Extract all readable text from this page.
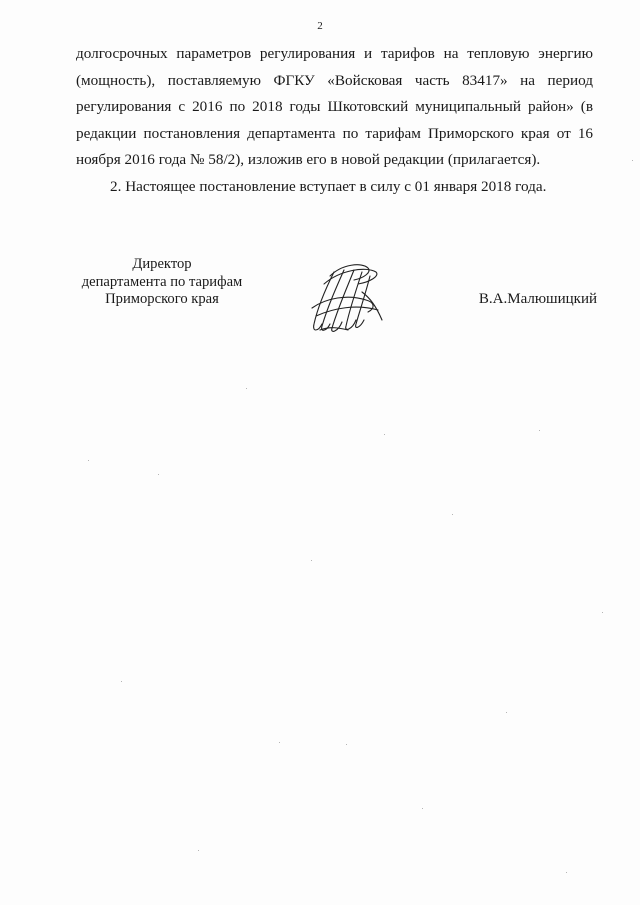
2

долгосрочных параметров регулирования и тарифов на тепловую энергию (мощность), поставляемую ФГКУ «Войсковая часть 83417» на период регулирования с 2016 по 2018 годы Шкотовский муниципальный район» (в редакции постановления департамента по тарифам Приморского края от 16 ноября 2016 года № 58/2), изложив его в новой редакции (прилагается).

2. Настоящее постановление вступает в силу с 01 января 2018 года.

Директор
департамента по тарифам
Приморского края	В.А.Малюшицкий
